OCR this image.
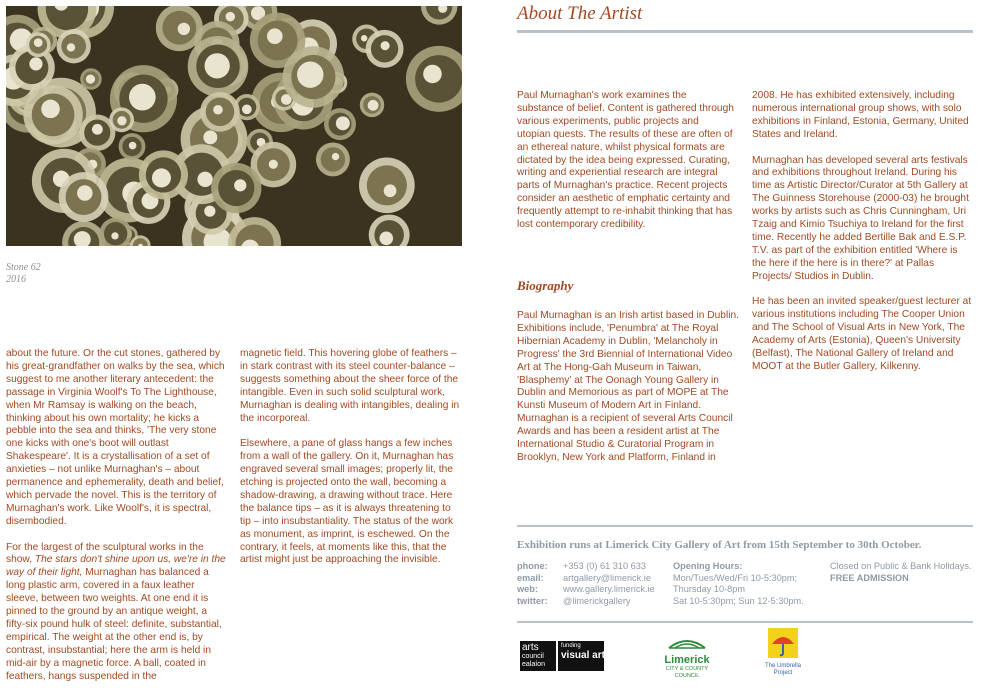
Stone 62
2016

about the future. Or the cut stones, gathered by his great-grandfather on walks by the sea, which suggest to me another literary antecedent: the passage in Virginia Woolf's To The Lighthouse, when Mr Ramsay is walking on the beach, thinking about his own mortality; he kicks a pebble into the sea and thinks, 'The very stone one kicks with one's boot will outlast Shakespeare'. It is a crystallisation of a set of anxieties – not unlike Murnaghan's – about permanence and ephemerality, death and belief, which pervade the novel. This is the territory of Murnaghan's work. Like Woolf's, it is spectral, disembodied.

For the largest of the sculptural works in the show, The stars don't shine upon us, we're in the way of their light, Murnaghan has balanced a long plastic arm, covered in a faux leather sleeve, between two weights. At one end it is pinned to the ground by an antique weight, a fifty-six pound hulk of steel: definite, substantial, empirical. The weight at the other end is, by contrast, insubstantial; here the arm is held in mid-air by a magnetic force. A ball, coated in feathers, hangs suspended in the

magnetic field. This hovering globe of feathers – in stark contrast with its steel counter-balance – suggests something about the sheer force of the intangible. Even in such solid sculptural work, Murnaghan is dealing with intangibles, dealing in the incorporeal.

Elsewhere, a pane of glass hangs a few inches from a wall of the gallery. On it, Murnaghan has engraved several small images; properly lit, the etching is projected onto the wall, becoming a shadow-drawing, a drawing without trace. Here the balance tips – as it is always threatening to tip – into insubstantiality. The status of the work as monument, as imprint, is eschewed. On the contrary, it feels, at moments like this, that the artist might just be approaching the invisible.

About The Artist

Paul Murnaghan's work examines the substance of belief. Content is gathered through various experiments, public projects and utopian quests. The results of these are often of an ethereal nature, whilst physical formats are dictated by the idea being expressed. Curating, writing and experiential research are integral parts of Murnaghan's practice. Recent projects consider an aesthetic of emphatic certainty and frequently attempt to re-inhabit thinking that has lost contemporary credibility.

Biography

Paul Murnaghan is an Irish artist based in Dublin. Exhibitions include, 'Penumbra' at The Royal Hibernian Academy in Dublin, 'Melancholy in Progress' the 3rd Biennial of International Video Art at The Hong-Gah Museum in Taiwan, 'Blasphemy' at The Oonagh Young Gallery in Dublin and Memorious as part of MOPE at The Kunsti Museum of Modern Art in Finland. Murnaghan is a recipient of several Arts Council Awards and has been a resident artist at The International Studio & Curatorial Program in Brooklyn, New York and Platform, Finland in

2008. He has exhibited extensively, including numerous international group shows, with solo exhibitions in Finland, Estonia, Germany, United States and Ireland.

Murnaghan has developed several arts festivals and exhibitions throughout Ireland. During his time as Artistic Director/Curator at 5th Gallery at The Guinness Storehouse (2000-03) he brought works by artists such as Chris Cunningham, Uri Tzaig and Kimio Tsuchiya to Ireland for the first time. Recently he added Bertille Bak and E.S.P. T.V. as part of the exhibition entitled 'Where is the here if the here is in there?' at Pallas Projects/ Studios in Dublin.

He has been an invited speaker/guest lecturer at various institutions including The Cooper Union and The School of Visual Arts in New York, The Academy of Arts (Estonia), Queen's University (Belfast), The National Gallery of Ireland and MOOT at the Butler Gallery, Kilkenny.

Exhibition runs at Limerick City Gallery of Art from 15th September to 30th October.
phone:
email:
web:
twitter:
+353 (0) 61 310 633
artgallery@limerick.ie
www.gallery.limerick.ie
@limerickgallery
Opening Hours:
Mon/Tues/Wed/Fri 10-5:30pm;
Thursday 10-8pm
Sat 10-5:30pm; Sun 12-5:30pm.
Closed on Public & Bank Holidays.
FREE ADMISSION
arts
council
ealaíon
funding
visual arts	Limerick
CITY & COUNTY
COUNCIL
The Umbrella
Project
